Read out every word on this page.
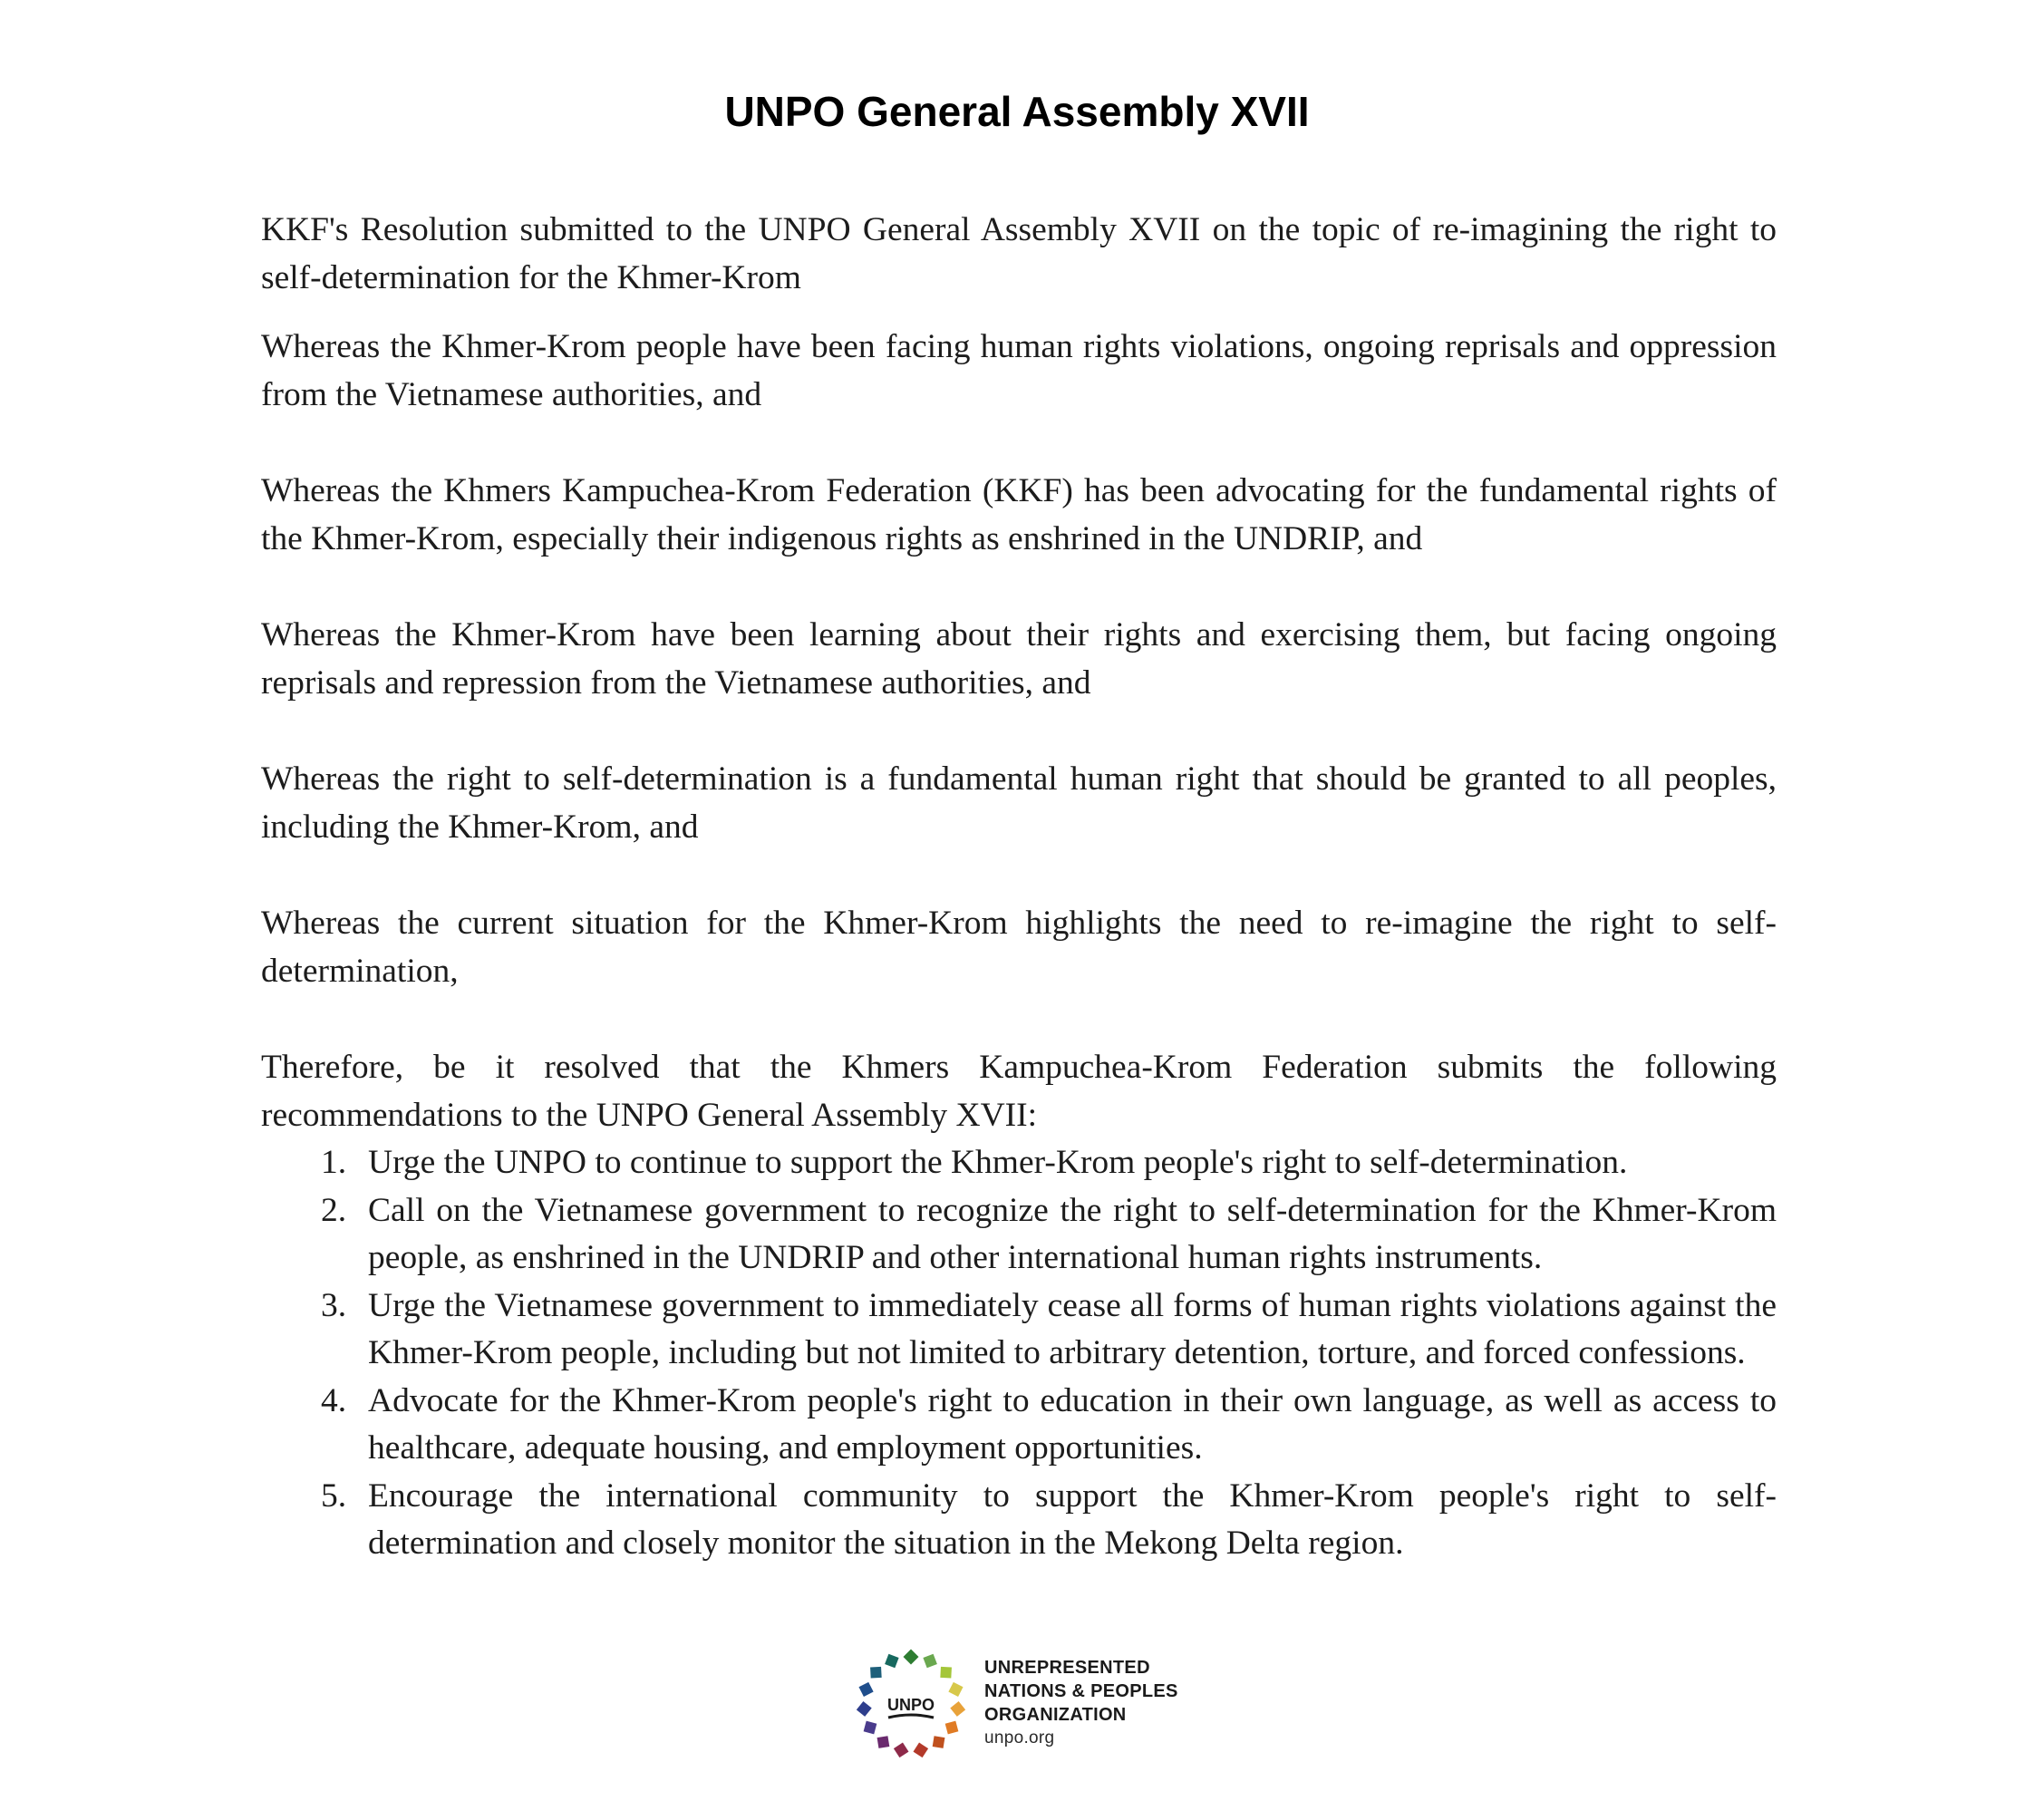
UNPO General Assembly XVII

KKF's Resolution submitted to the UNPO General Assembly XVII on the topic of re-imagining the right to self-determination for the Khmer-Krom

Whereas the Khmer-Krom people have been facing human rights violations, ongoing reprisals and oppression from the Vietnamese authorities, and

Whereas the Khmers Kampuchea-Krom Federation (KKF) has been advocating for the fundamental rights of the Khmer-Krom, especially their indigenous rights as enshrined in the UNDRIP, and

Whereas the Khmer-Krom have been learning about their rights and exercising them, but facing ongoing reprisals and repression from the Vietnamese authorities, and

Whereas the right to self-determination is a fundamental human right that should be granted to all peoples, including the Khmer-Krom, and

Whereas the current situation for the Khmer-Krom highlights the need to re-imagine the right to self-determination,

Therefore, be it resolved that the Khmers Kampuchea-Krom Federation submits the following recommendations to the UNPO General Assembly XVII:

1. Urge the UNPO to continue to support the Khmer-Krom people's right to self-determination.
2. Call on the Vietnamese government to recognize the right to self-determination for the Khmer-Krom people, as enshrined in the UNDRIP and other international human rights instruments.
3. Urge the Vietnamese government to immediately cease all forms of human rights violations against the Khmer-Krom people, including but not limited to arbitrary detention, torture, and forced confessions.
4. Advocate for the Khmer-Krom people's right to education in their own language, as well as access to healthcare, adequate housing, and employment opportunities.
5. Encourage the international community to support the Khmer-Krom people's right to self-determination and closely monitor the situation in the Mekong Delta region.
UNPO
UNREPRESENTED
NATIONS & PEOPLES
ORGANIZATION
unpo.org
